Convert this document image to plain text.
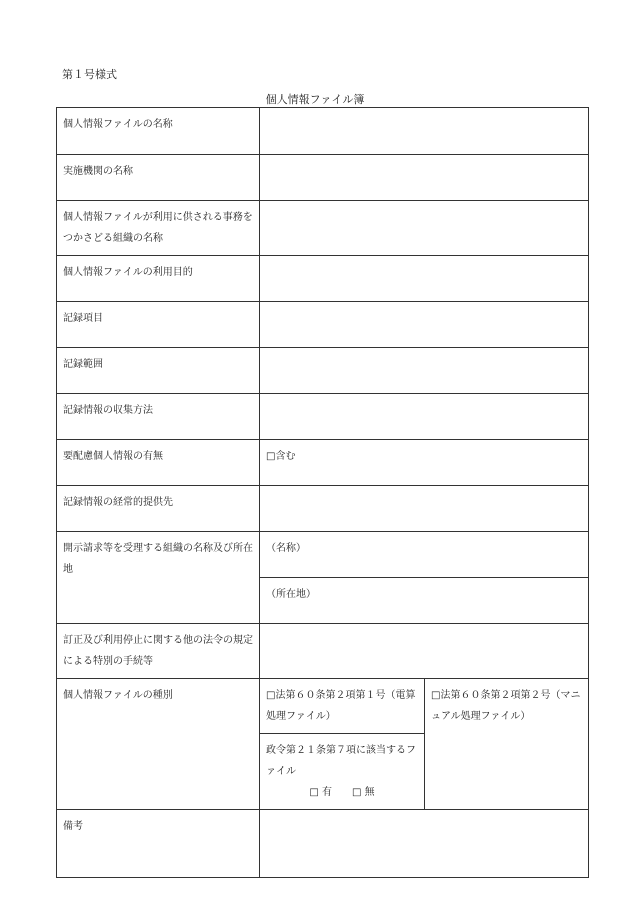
第１号様式
個人情報ファイル簿
個人情報ファイルの名称		
実施機関の名称		
個人情報ファイルが利用に供される事務をつかさどる組織の名称		
個人情報ファイルの利用目的		
記録項目		
記録範囲		
記録情報の収集方法		
要配慮個人情報の有無	□含む	
記録情報の経常的提供先		
開示請求等を受理する組織の名称及び所在地	（名称）	
	（所在地）	
訂正及び利用停止に関する他の法令の規定による特別の手続等		
個人情報ファイルの種別	□法第６０条第２項第１号（電算処理ファイル）	□法第６０条第２項第２号（マニュアル処理ファイル）

	政令第２１条第７項に該当するファイル
□ 有　　□ 無	

備考		
